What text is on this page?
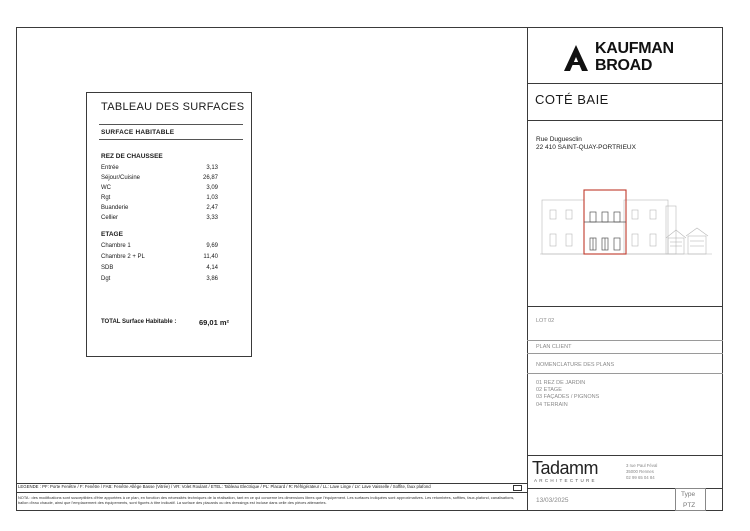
TABLEAU DES SURFACES
SURFACE HABITABLE
REZ DE CHAUSSEE
Entrée	3,13
Séjour/Cuisine	26,87
WC	3,09
Rgt	1,03
Buanderie	2,47
Cellier	3,33
ETAGE
Chambre 1	9,69
Chambre 2 + PL	11,40
SDB	4,14
Dgt	3,86
TOTAL Surface Habitable :	69,01 m²
LEGENDE : PF: Porte Fenêtre / F: Fenêtre / FAB: Fenêtre Allège Basse (Vitrée) / VR: Volet Roulant / ETEL: Tableau Electrique / PL: Placard / R: Réfrigérateur / LL: Lave Linge / LV: Lave Vaisselle / Soffite, faux plafond
NOTA : des modifications sont susceptibles d'être apportées à ce plan, en fonction des nécessités techniques de la réalisation, tant en ce qui concerne les dimensions libres que l'équipement. Les surfaces indiquées sont approximatives. Les retombées, soffites, faux-plafond, canalisations, ballon d'eau chaude, ainsi que l'emplacement des équipements, sont figurés à titre indicatif. La surface des placards ou des dressings est incluse dans celle des pièces attenantes.
KAUFMAN
BROAD
COTÉ BAIE
Rue Duguesclin
22 410 SAINT-QUAY-PORTRIEUX
LOT 02
PLAN CLIENT
NOMENCLATURE DES PLANS
01 REZ DE JARDIN
02 ETAGE
03 FAÇADES / PIGNONS
04 TERRAIN
Tadamm
ARCHITECTURE
3 rue Paul Féval
35000 Rennes
02 99 65 04 84
13/03/2025
Type
PTZ
